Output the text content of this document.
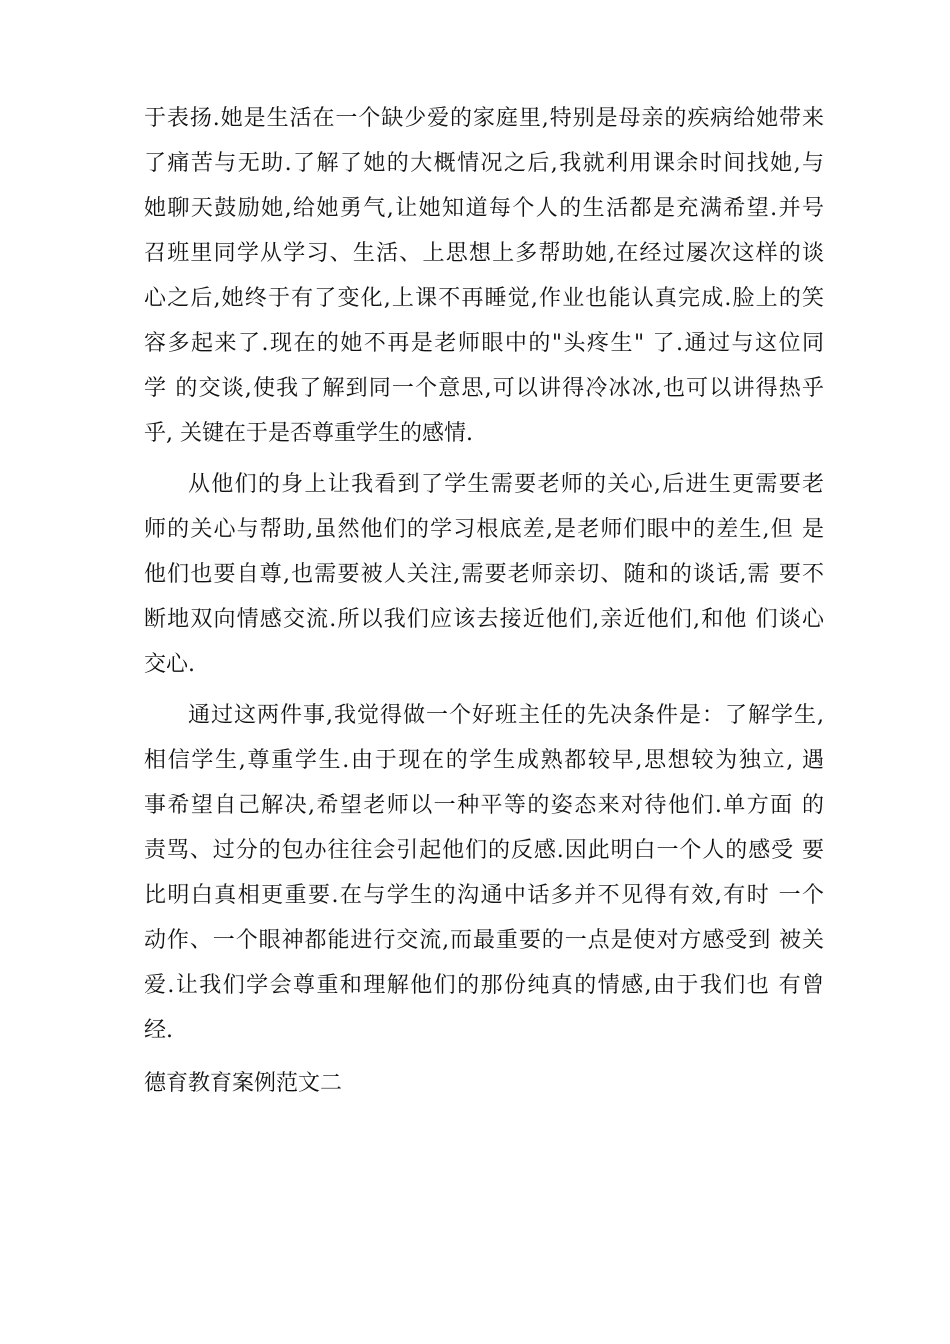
于表扬.她是生活在一个缺少爱的家庭里,特别是母亲的疾病给她带来
了痛苦与无助.了解了她的大概情况之后,我就利用课余时间找她,与
她聊天鼓励她,给她勇气,让她知道每个人的生活都是充满希望.并号
召班里同学从学习、生活、上思想上多帮助她,在经过屡次这样的谈
心之后,她终于有了变化,上课不再睡觉,作业也能认真完成.脸上的笑
容多起来了.现在的她不再是老师眼中的"头疼生" 了.通过与这位同
学 的交谈,使我了解到同一个意思,可以讲得冷冰冰,也可以讲得热乎
乎, 关键在于是否尊重学生的感情.
从他们的身上让我看到了学生需要老师的关心,后进生更需要老
师的关心与帮助,虽然他们的学习根底差,是老师们眼中的差生,但 是
他们也要自尊,也需要被人关注,需要老师亲切、随和的谈话,需 要不
断地双向情感交流.所以我们应该去接近他们,亲近他们,和他 们谈心
交心.
通过这两件事,我觉得做一个好班主任的先决条件是：了解学生,
相信学生,尊重学生.由于现在的学生成熟都较早,思想较为独立, 遇
事希望自己解决,希望老师以一种平等的姿态来对待他们.单方面 的
责骂、过分的包办往往会引起他们的反感.因此明白一个人的感受 要
比明白真相更重要.在与学生的沟通中话多并不见得有效,有时 一个
动作、一个眼神都能进行交流,而最重要的一点是使对方感受到 被关
爱.让我们学会尊重和理解他们的那份纯真的情感,由于我们也 有曾
经.
德育教育案例范文二
